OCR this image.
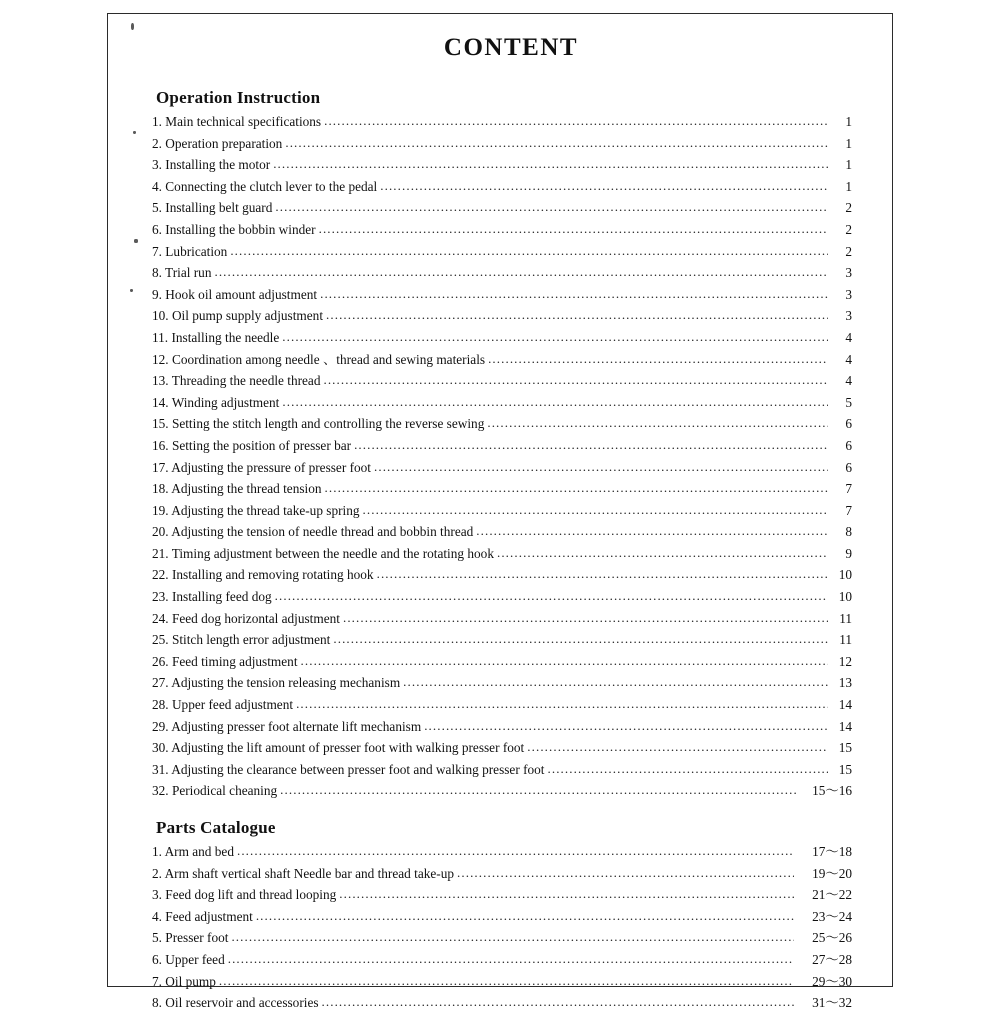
CONTENT
Operation Instruction
1. Main technical specifications .....	1
2. Operation preparation .....	1
3. Installing the motor .....	1
4. Connecting the clutch lever to the pedal .....	1
5. Installing belt guard .....	2
6. Installing the bobbin winder .....	2
7. Lubrication .....	2
8. Trial run .....	3
9. Hook oil amount adjustment .....	3
10. Oil pump supply adjustment .....	3
11. Installing the needle .....	4
12. Coordination among needle 、thread and sewing materials .....	4
13. Threading the needle thread .....	4
14. Winding adjustment .....	5
15. Setting the stitch length and controlling the reverse sewing .....	6
16. Setting the position of presser bar .....	6
17. Adjusting the pressure of presser foot .....	6
18. Adjusting the thread tension .....	7
19. Adjusting the thread take-up spring .....	7
20. Adjusting the tension of needle thread and bobbin thread .....	8
21. Timing adjustment between the needle and the rotating hook .....	9
22. Installing and removing rotating hook .....	10
23. Installing feed dog .....	10
24. Feed dog horizontal adjustment .....	11
25. Stitch length error adjustment .....	11
26. Feed timing adjustment .....	12
27. Adjusting the tension releasing mechanism .....	13
28. Upper feed adjustment .....	14
29. Adjusting presser foot alternate lift mechanism .....	14
30. Adjusting the lift amount of presser foot with walking presser foot .....	15
31. Adjusting the clearance between presser foot and walking presser foot .....	15
32. Periodical cheaning .....	15～16
Parts Catalogue
1. Arm and bed .....	17～18
2. Arm shaft vertical shaft Needle bar and thread take-up .....	19～20
3. Feed dog lift and thread looping .....	21～22
4. Feed adjustment .....	23～24
5. Presser foot .....	25～26
6. Upper feed .....	27～28
7. Oil pump .....	29～30
8. Oil reservoir and accessories .....	31～32
